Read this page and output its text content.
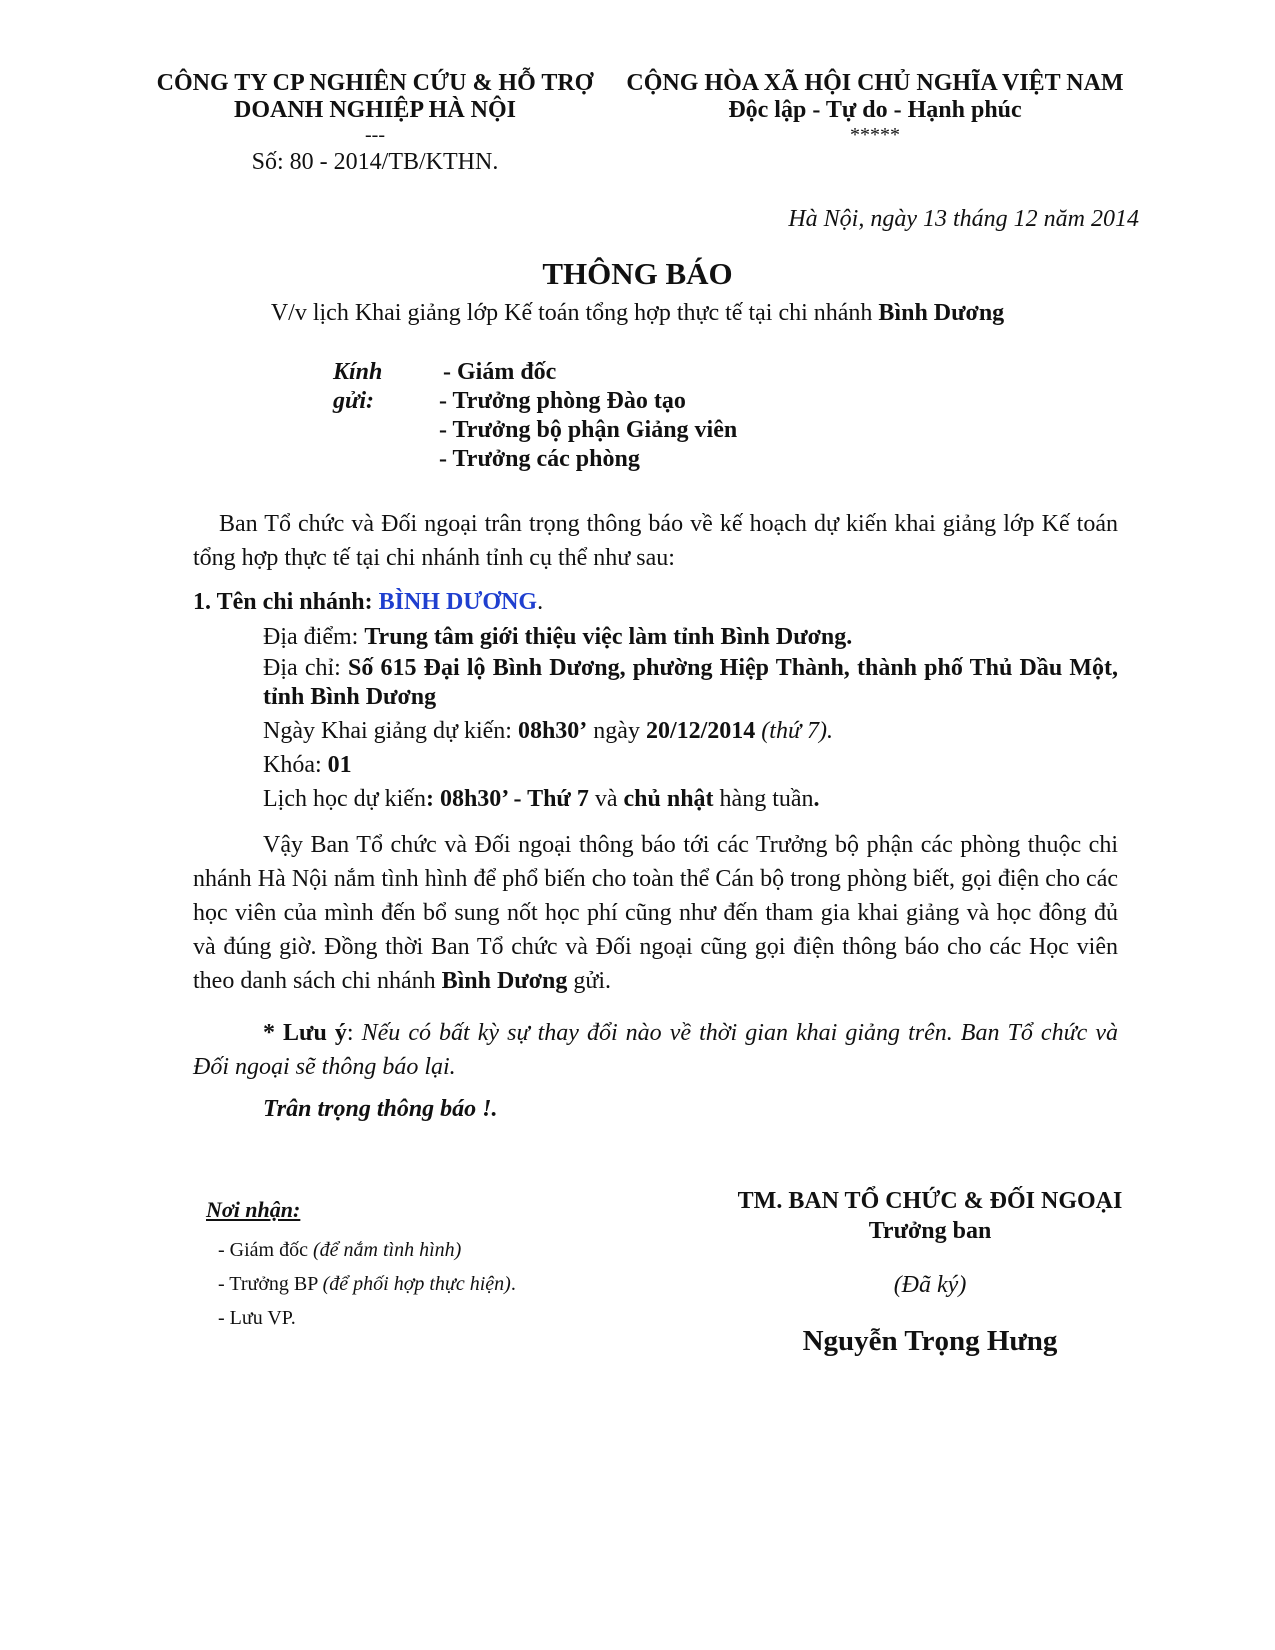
CÔNG TY CP NGHIÊN CỨU & HỖ TRỢ
DOANH NGHIỆP HÀ NỘI
---
Số: 80 - 2014/TB/KTHN.
CỘNG HÒA XÃ HỘI CHỦ NGHĨA VIỆT NAM
Độc lập - Tự do - Hạnh phúc
*****
Hà Nội, ngày 13 tháng 12 năm 2014
THÔNG BÁO
V/v lịch Khai giảng lớp Kế toán tổng hợp thực tế tại chi nhánh Bình Dương
Kính gửi:
- Giám đốc
- Trưởng phòng Đào tạo
- Trưởng bộ phận Giảng viên
- Trưởng các phòng
Ban Tổ chức và Đối ngoại trân trọng thông báo về kế hoạch dự kiến khai giảng lớp Kế toán tổng hợp thực tế tại chi nhánh tỉnh cụ thể như sau:
1. Tên chi nhánh: BÌNH DƯƠNG.
Địa điểm: Trung tâm giới thiệu việc làm tỉnh Bình Dương.
Địa chỉ: Số 615 Đại lộ Bình Dương, phường Hiệp Thành, thành phố Thủ Dầu Một, tỉnh Bình Dương
Ngày Khai giảng dự kiến: 08h30’ ngày 20/12/2014 (thứ 7).
Khóa: 01
Lịch học dự kiến: 08h30’ - Thứ 7 và chủ nhật hàng tuần.
Vậy Ban Tổ chức và Đối ngoại thông báo tới các Trưởng bộ phận các phòng thuộc chi nhánh Hà Nội nắm tình hình để phổ biến cho toàn thể Cán bộ trong phòng biết, gọi điện cho các học viên của mình đến bổ sung nốt học phí cũng như đến tham gia khai giảng và học đông đủ và đúng giờ. Đồng thời Ban Tổ chức và Đối ngoại cũng gọi điện thông báo cho các Học viên theo danh sách chi nhánh Bình Dương gửi.
* Lưu ý: Nếu có bất kỳ sự thay đổi nào về thời gian khai giảng trên. Ban Tổ chức và Đối ngoại sẽ thông báo lại.
Trân trọng thông báo !.
Nơi nhận:
- Giám đốc (để nắm tình hình)
- Trưởng BP (để phối hợp thực hiện).
- Lưu VP.
TM. BAN TỔ CHỨC & ĐỐI NGOẠI
Trưởng ban
(Đã ký)
Nguyễn Trọng Hưng
